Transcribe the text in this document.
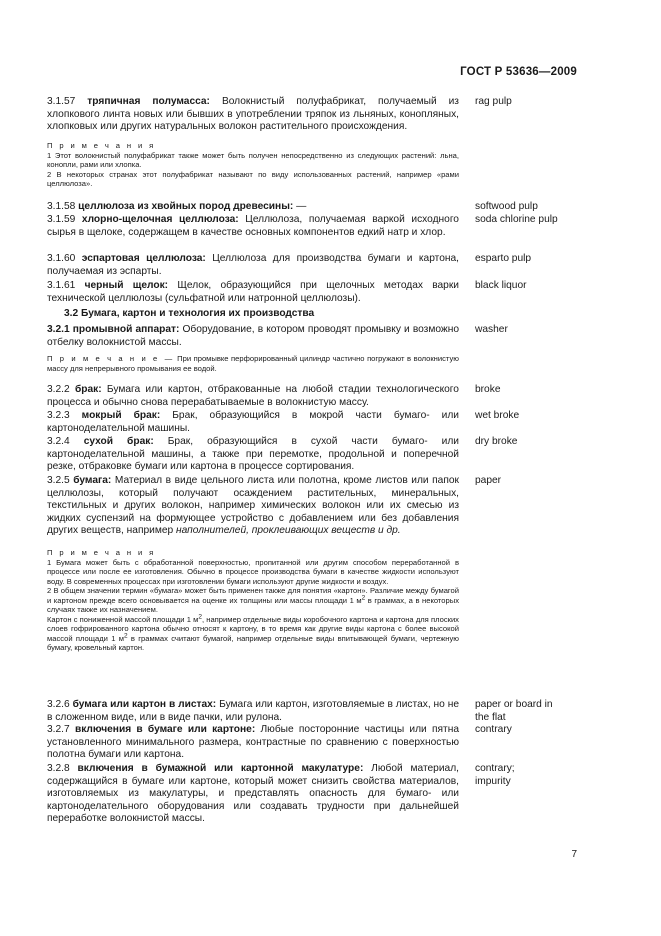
ГОСТ Р 53636—2009
3.1.57 тряпичная полумасса: Волокнистый полуфабрикат, получаемый из хлопкового линта новых или бывших в употреблении тряпок из льняных, конопляных, хлопковых или других натуральных волокон растительного происхождения.
rag pulp
П р и м е ч а н и я
1 Этот волокнистый полуфабрикат также может быть получен непосредственно из следующих растений: льна, конопли, рами или хлопка.
2 В некоторых странах этот полуфабрикат называют по виду использованных растений, например «рами целлюлоза».
3.1.58 целлюлоза из хвойных пород древесины: —	softwood pulp
3.1.59 хлорно-щелочная целлюлоза: Целлюлоза, получаемая варкой исходного сырья в щелоке, содержащем в качестве основных компонентов едкий натр и хлор.
soda chlorine pulp
3.1.60 эспартовая целлюлоза: Целлюлоза для производства бумаги и картона, получаемая из эспарты.
esparto pulp
3.1.61 черный щелок: Щелок, образующийся при щелочных методах варки технической целлюлозы (сульфатной или натронной целлюлозы).
black liquor
3.2 Бумага, картон и технология их производства
3.2.1 промывной аппарат: Оборудование, в котором проводят промывку и возможно отбелку волокнистой массы.
washer
П р и м е ч а н и е — При промывке перфорированный цилиндр частично погружают в волокнистую массу для непрерывного промывания ее водой.
3.2.2 брак: Бумага или картон, отбракованные на любой стадии технологического процесса и обычно снова перерабатываемые в волокнистую массу.
broke
3.2.3 мокрый брак: Брак, образующийся в мокрой части бумаго- или картоноделательной машины.
wet broke
3.2.4 сухой брак: Брак, образующийся в сухой части бумаго- или картоноделательной машины, а также при перемотке, продольной и поперечной резке, отбраковке бумаги или картона в процессе сортирования.
dry broke
3.2.5 бумага: Материал в виде цельного листа или полотна, кроме листов или папок целлюлозы, который получают осаждением растительных, минеральных, текстильных и других волокон, например химических волокон или их смесью из жидких суспензий на формующее устройство с добавлением или без добавления других веществ, например наполнителей, проклеивающих веществ и др.
paper
П р и м е ч а н и я
1 Бумага может быть с обработанной поверхностью, пропитанной или другим способом переработанной в процессе или после ее изготовления. Обычно в процессе производства бумаги в качестве жидкости используют воду. В современных процессах при изготовлении бумаги используют другие жидкости и воздух.
2 В общем значении термин «бумага» может быть применен также для понятия «картон». Различие между бумагой и картоном прежде всего основывается на оценке их толщины или массы площади 1 $м^2$ в граммах, а в некоторых случаях также их назначением.
Картон с пониженной массой площади 1 $м^2$, например отдельные виды коробочного картона и картона для плоских слоев гофрированного картона обычно относят к картону, в то время как другие виды картона с более высокой массой площади 1 $м^2$ в граммах считают бумагой, например отдельные виды впитывающей бумаги, чертежную бумагу, кровельный картон.
3.2.6 бумага или картон в листах: Бумага или картон, изготовляемые в листах, но не в сложенном виде, или в виде пачки, или рулона.
paper or board in
the flat
3.2.7 включения в бумаге или картоне: Любые посторонние частицы или пятна установленного минимального размера, контрастные по сравнению с поверхностью полотна бумаги или картона.
contrary
3.2.8 включения в бумажной или картонной макулатуре: Любой материал, содержащийся в бумаге или картоне, который может снизить свойства материалов, изготовляемых из макулатуры, и представлять опасность для бумаго- или картоноделательного оборудования или создавать трудности при дальнейшей переработке волокнистой массы.
contrary;
impurity
7
